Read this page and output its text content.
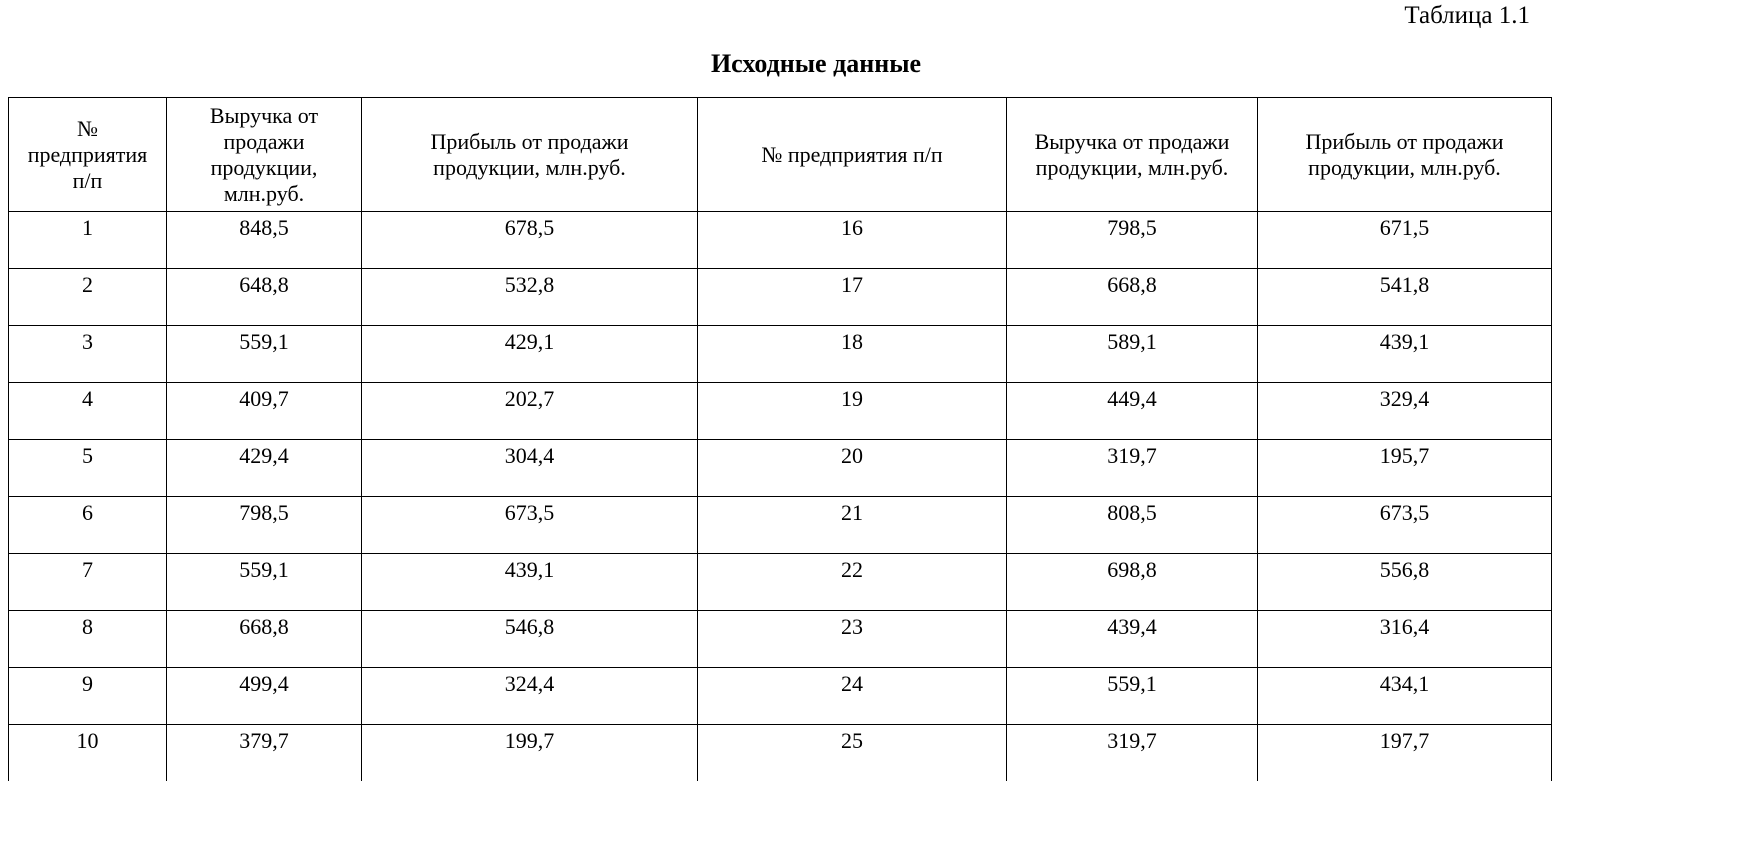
Таблица 1.1

Исходные данные
№ предприятия п/п	Выручка от продажи продукции, млн.руб.	Прибыль от продажи продукции, млн.руб.	№ предприятия п/п	Выручка от продажи продукции, млн.руб.	Прибыль от продажи продукции, млн.руб.
1	848,5	678,5	16	798,5	671,5
2	648,8	532,8	17	668,8	541,8
3	559,1	429,1	18	589,1	439,1
4	409,7	202,7	19	449,4	329,4
5	429,4	304,4	20	319,7	195,7
6	798,5	673,5	21	808,5	673,5
7	559,1	439,1	22	698,8	556,8
8	668,8	546,8	23	439,4	316,4
9	499,4	324,4	24	559,1	434,1
10	379,7	199,7	25	319,7	197,7
